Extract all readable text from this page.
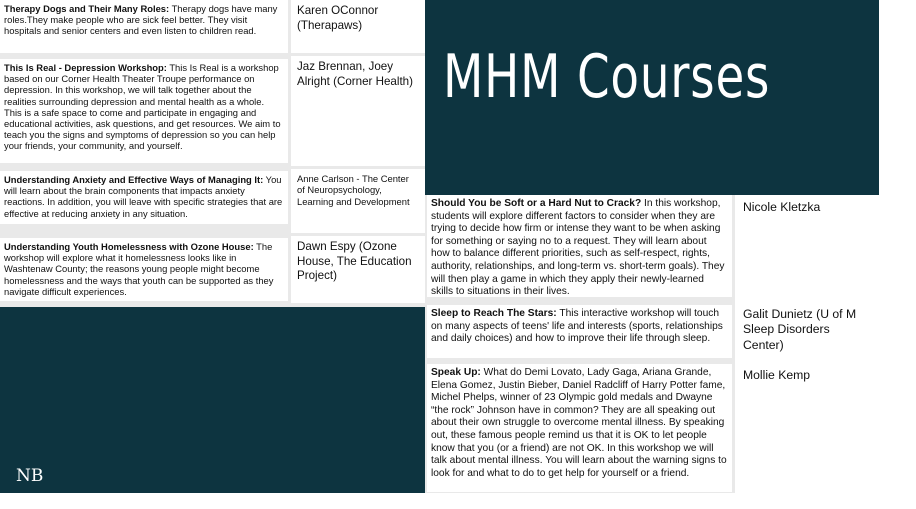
MHM Courses
NB
Therapy Dogs and Their Many Roles: Therapy dogs have many roles.They make people who are sick feel better. They visit hospitals and senior centers and even listen to children read.
Karen OConnor (Therapaws)
This Is Real - Depression Workshop: This Is Real is a workshop based on our Corner Health Theater Troupe performance on depression. In this workshop, we will talk together about the realities surrounding depression and mental health as a whole. This is a safe space to come and participate in engaging and educational activities, ask questions, and get resources. We aim to teach you the signs and symptoms of depression so you can help your friends, your community, and yourself.
Jaz Brennan, Joey Alright (Corner Health)
Understanding Anxiety and Effective Ways of Managing It: You will learn about the brain components that impacts anxiety reactions. In addition, you will leave with specific strategies that are effective at reducing anxiety in any situation.
Anne Carlson - The Center of Neuropsychology, Learning and Development
Understanding Youth Homelessness with Ozone House: The workshop will explore what it homelessness looks like in Washtenaw County; the reasons young people might become homelessness and the ways that youth can be supported as they navigate difficult experiences.
Dawn Espy (Ozone House, The Education Project)
Should You be Soft or a Hard Nut to Crack? In this workshop, students will explore different factors to consider when they are trying to decide how firm or intense they want to be when asking for something or saying no to a request. They will learn about how to balance different priorities, such as self-respect, rights, authority, relationships, and long-term vs. short-term goals). They will then play a game in which they apply their newly-learned skills to situations in their lives.
Nicole Kletzka
Sleep to Reach The Stars: This interactive workshop will touch on many aspects of teens' life and interests (sports, relationships and daily choices) and how to improve their life through sleep.
Galit Dunietz (U of M Sleep Disorders Center)
Speak Up: What do Demi Lovato, Lady Gaga, Ariana Grande, Elena Gomez, Justin Bieber, Daniel Radcliff of Harry Potter fame, Michel Phelps, winner of 23 Olympic gold medals and Dwayne “the rock” Johnson have in common? They are all speaking out about their own struggle to overcome mental illness. By speaking out, these famous people remind us that it is OK to let people know that you (or a friend) are not OK. In this workshop we will talk about mental illness. You will learn about the warning signs to look for and what to do to get help for yourself or a friend.
Mollie Kemp
